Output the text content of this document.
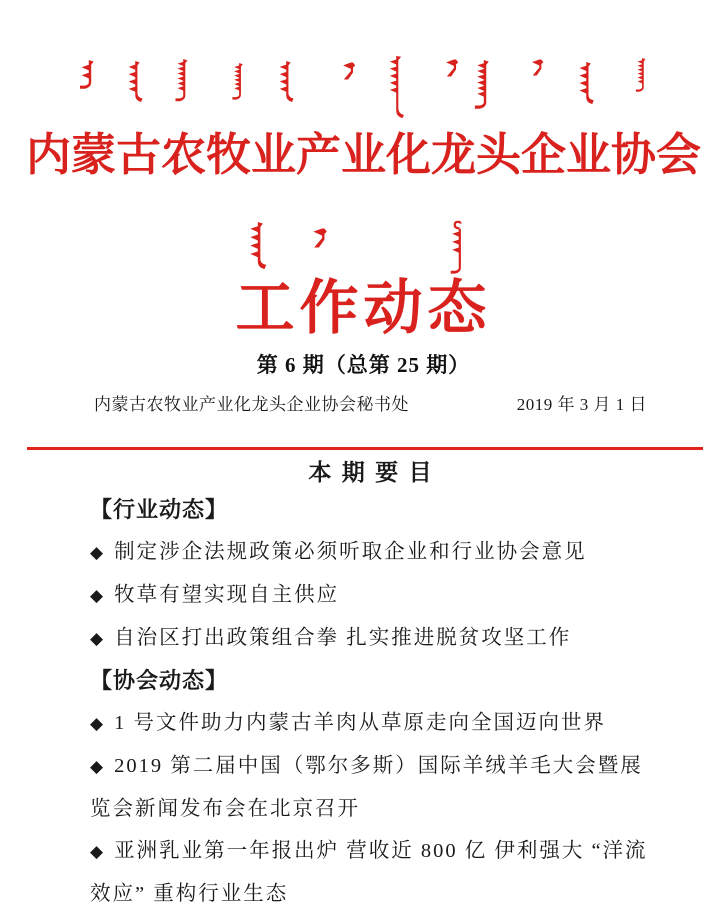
内蒙古农牧业产业化龙头企业协会
工作动态
第 6 期（总第 25 期）
内蒙古农牧业产业化龙头企业协会秘书处	2019 年 3 月 1 日
本 期 要 目
【行业动态】
◆ 制定涉企法规政策必须听取企业和行业协会意见
◆ 牧草有望实现自主供应
◆ 自治区打出政策组合拳 扎实推进脱贫攻坚工作
【协会动态】
◆ 1 号文件助力内蒙古羊肉从草原走向全国迈向世界
◆ 2019 第二届中国（鄂尔多斯）国际羊绒羊毛大会暨展览会新闻发布会在北京召开
◆ 亚洲乳业第一年报出炉 营收近 800 亿 伊利强大 “洋流效应” 重构行业生态
